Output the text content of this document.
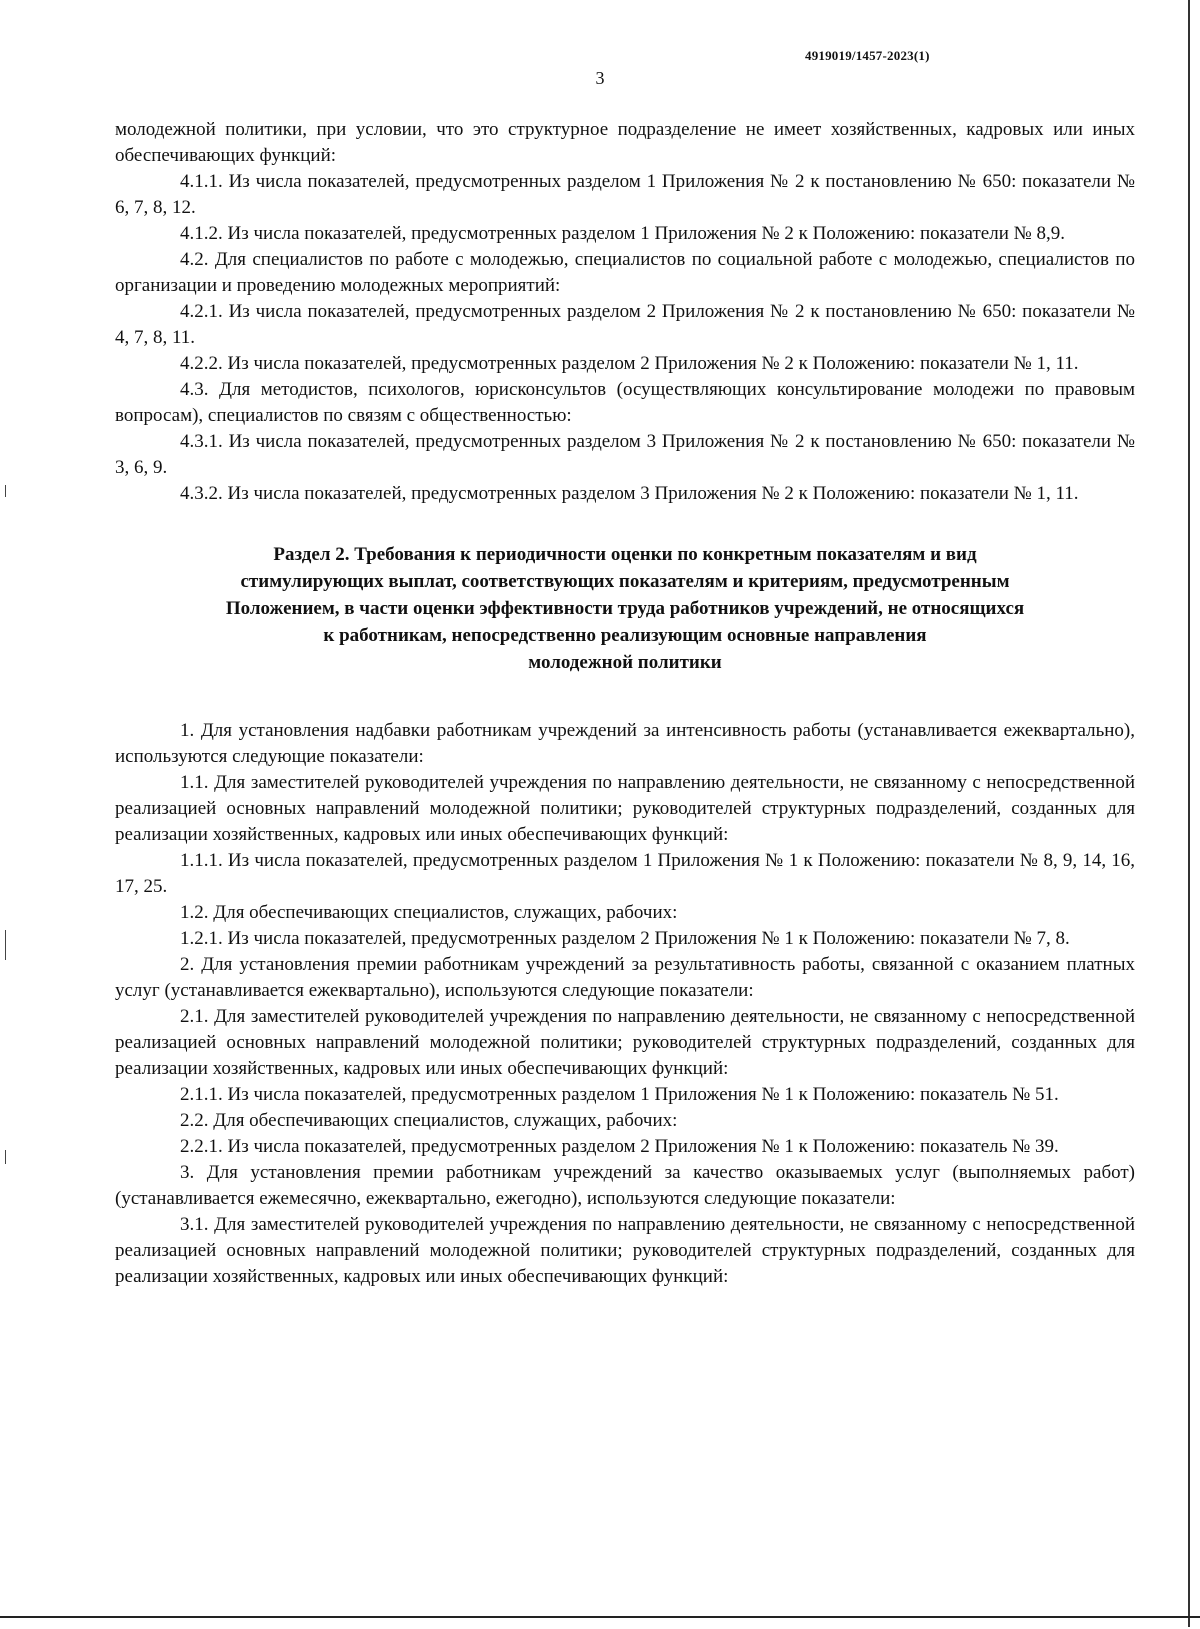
4919019/1457-2023(1)
3

молодежной политики, при условии, что это структурное подразделение не имеет хозяйственных, кадровых или иных обеспечивающих функций:

4.1.1. Из числа показателей, предусмотренных разделом 1 Приложения № 2 к постановлению № 650: показатели № 6, 7, 8, 12.

4.1.2. Из числа показателей, предусмотренных разделом 1 Приложения № 2 к Положению: показатели № 8,9.

4.2. Для специалистов по работе с молодежью, специалистов по социальной работе с молодежью, специалистов по организации и проведению молодежных мероприятий:

4.2.1. Из числа показателей, предусмотренных разделом 2 Приложения № 2 к постановлению № 650: показатели № 4, 7, 8, 11.

4.2.2. Из числа показателей, предусмотренных разделом 2 Приложения № 2 к Положению: показатели № 1, 11.

4.3. Для методистов, психологов, юрисконсультов (осуществляющих консультирование молодежи по правовым вопросам), специалистов по связям с общественностью:

4.3.1. Из числа показателей, предусмотренных разделом 3 Приложения № 2 к постановлению № 650: показатели № 3, 6, 9.

4.3.2. Из числа показателей, предусмотренных разделом 3 Приложения № 2 к Положению: показатели № 1, 11.

Раздел 2. Требования к периодичности оценки по конкретным показателям и вид
стимулирующих выплат, соответствующих показателям и критериям, предусмотренным
Положением, в части оценки эффективности труда работников учреждений, не относящихся
к работникам, непосредственно реализующим основные направления
молодежной политики

1. Для установления надбавки работникам учреждений за интенсивность работы (устанавливается ежеквартально), используются следующие показатели:

1.1. Для заместителей руководителей учреждения по направлению деятельности, не связанному с непосредственной реализацией основных направлений молодежной политики; руководителей структурных подразделений, созданных для реализации хозяйственных, кадровых или иных обеспечивающих функций:

1.1.1. Из числа показателей, предусмотренных разделом 1 Приложения № 1 к Положению: показатели № 8, 9, 14, 16, 17, 25.

1.2. Для обеспечивающих специалистов, служащих, рабочих:

1.2.1. Из числа показателей, предусмотренных разделом 2 Приложения № 1 к Положению: показатели № 7, 8.

2. Для установления премии работникам учреждений за результативность работы, связанной с оказанием платных услуг (устанавливается ежеквартально), используются следующие показатели:

2.1. Для заместителей руководителей учреждения по направлению деятельности, не связанному с непосредственной реализацией основных направлений молодежной политики; руководителей структурных подразделений, созданных для реализации хозяйственных, кадровых или иных обеспечивающих функций:

2.1.1. Из числа показателей, предусмотренных разделом 1 Приложения № 1 к Положению: показатель № 51.

2.2. Для обеспечивающих специалистов, служащих, рабочих:

2.2.1. Из числа показателей, предусмотренных разделом 2 Приложения № 1 к Положению: показатель № 39.

3. Для установления премии работникам учреждений за качество оказываемых услуг (выполняемых работ) (устанавливается ежемесячно, ежеквартально, ежегодно), используются следующие показатели:

3.1. Для заместителей руководителей учреждения по направлению деятельности, не связанному с непосредственной реализацией основных направлений молодежной политики; руководителей структурных подразделений, созданных для реализации хозяйственных, кадровых или иных обеспечивающих функций:
